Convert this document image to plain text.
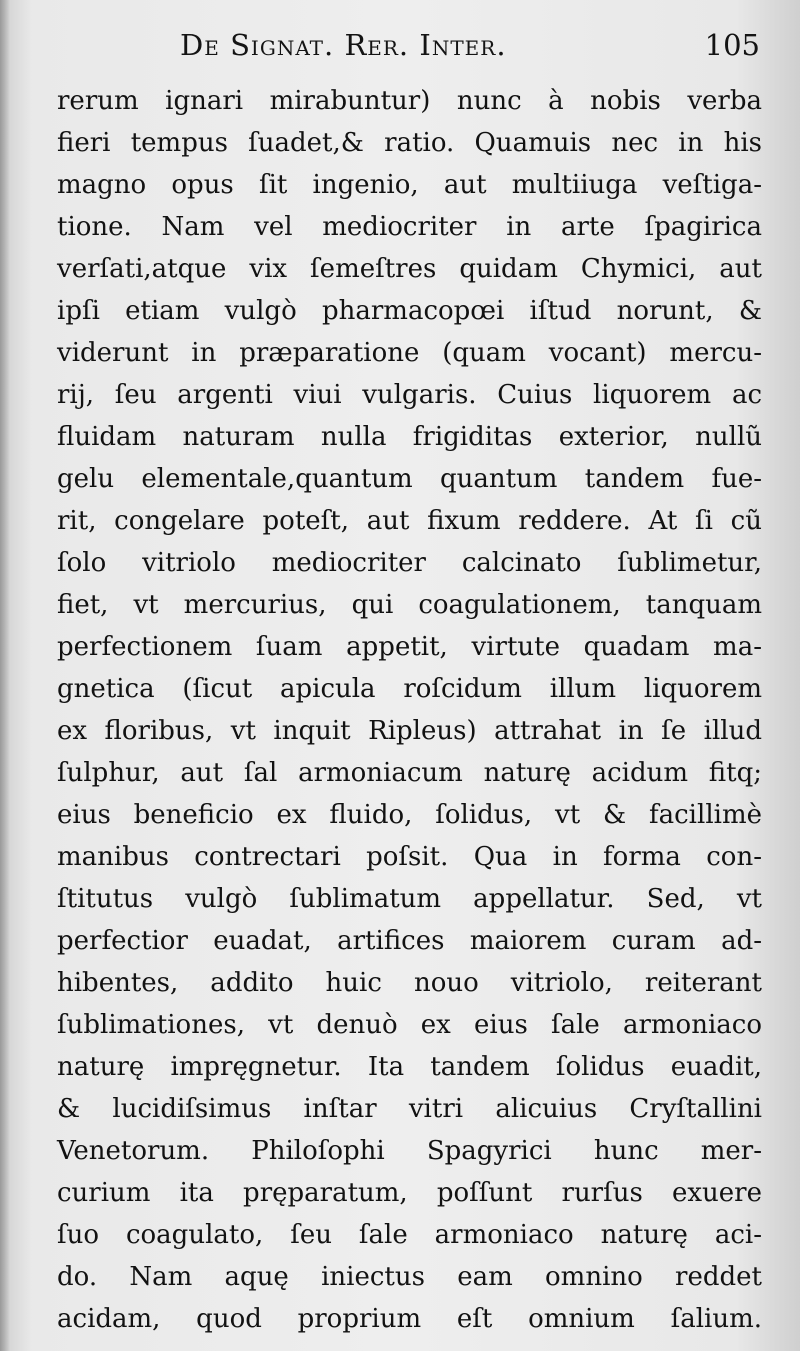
De Signat. Rer. Inter.	105
rerum ignari mirabuntur) nunc à nobis verba
fieri tempus ſuadet,& ratio. Quamuis nec in his
magno opus ſit ingenio, aut multiiuga veſtiga-
tione. Nam vel mediocriter in arte ſpagirica
verſati,atque vix ſemeſtres quidam Chymici, aut
ipſi etiam vulgò pharmacopœi iſtud norunt, &
viderunt in præparatione (quam vocant) mercu-
rij, ſeu argenti viui vulgaris. Cuius liquorem ac
fluidam naturam nulla frigiditas exterior, nullũ
gelu elementale,quantum quantum tandem fue-
rit, congelare poteſt, aut fixum reddere. At ſi cũ
ſolo vitriolo mediocriter calcinato ſublimetur,
fiet, vt mercurius, qui coagulationem, tanquam
perfectionem ſuam appetit, virtute quadam ma-
gnetica (ſicut apicula roſcidum illum liquorem
ex floribus, vt inquit Ripleus) attrahat in ſe illud
ſulphur, aut ſal armoniacum naturę acidum fitq;
eius beneficio ex fluido, ſolidus, vt & facillimè
manibus contrectari poſsit. Qua in forma con-
ſtitutus vulgò ſublimatum appellatur. Sed, vt
perfectior euadat, artifices maiorem curam ad-
hibentes, addito huic nouo vitriolo, reiterant
ſublimationes, vt denuò ex eius ſale armoniaco
naturę impręgnetur. Ita tandem ſolidus euadit,
& lucidiſsimus inſtar vitri alicuius Cryſtallini
Venetorum. Philoſophi Spagyrici hunc mer-
curium ita pręparatum, poſſunt rurſus exuere
ſuo coagulato, ſeu ſale armoniaco naturę aci-
do. Nam aquę iniectus eam omnino reddet
acidam, quod proprium eſt omnium ſalium.
